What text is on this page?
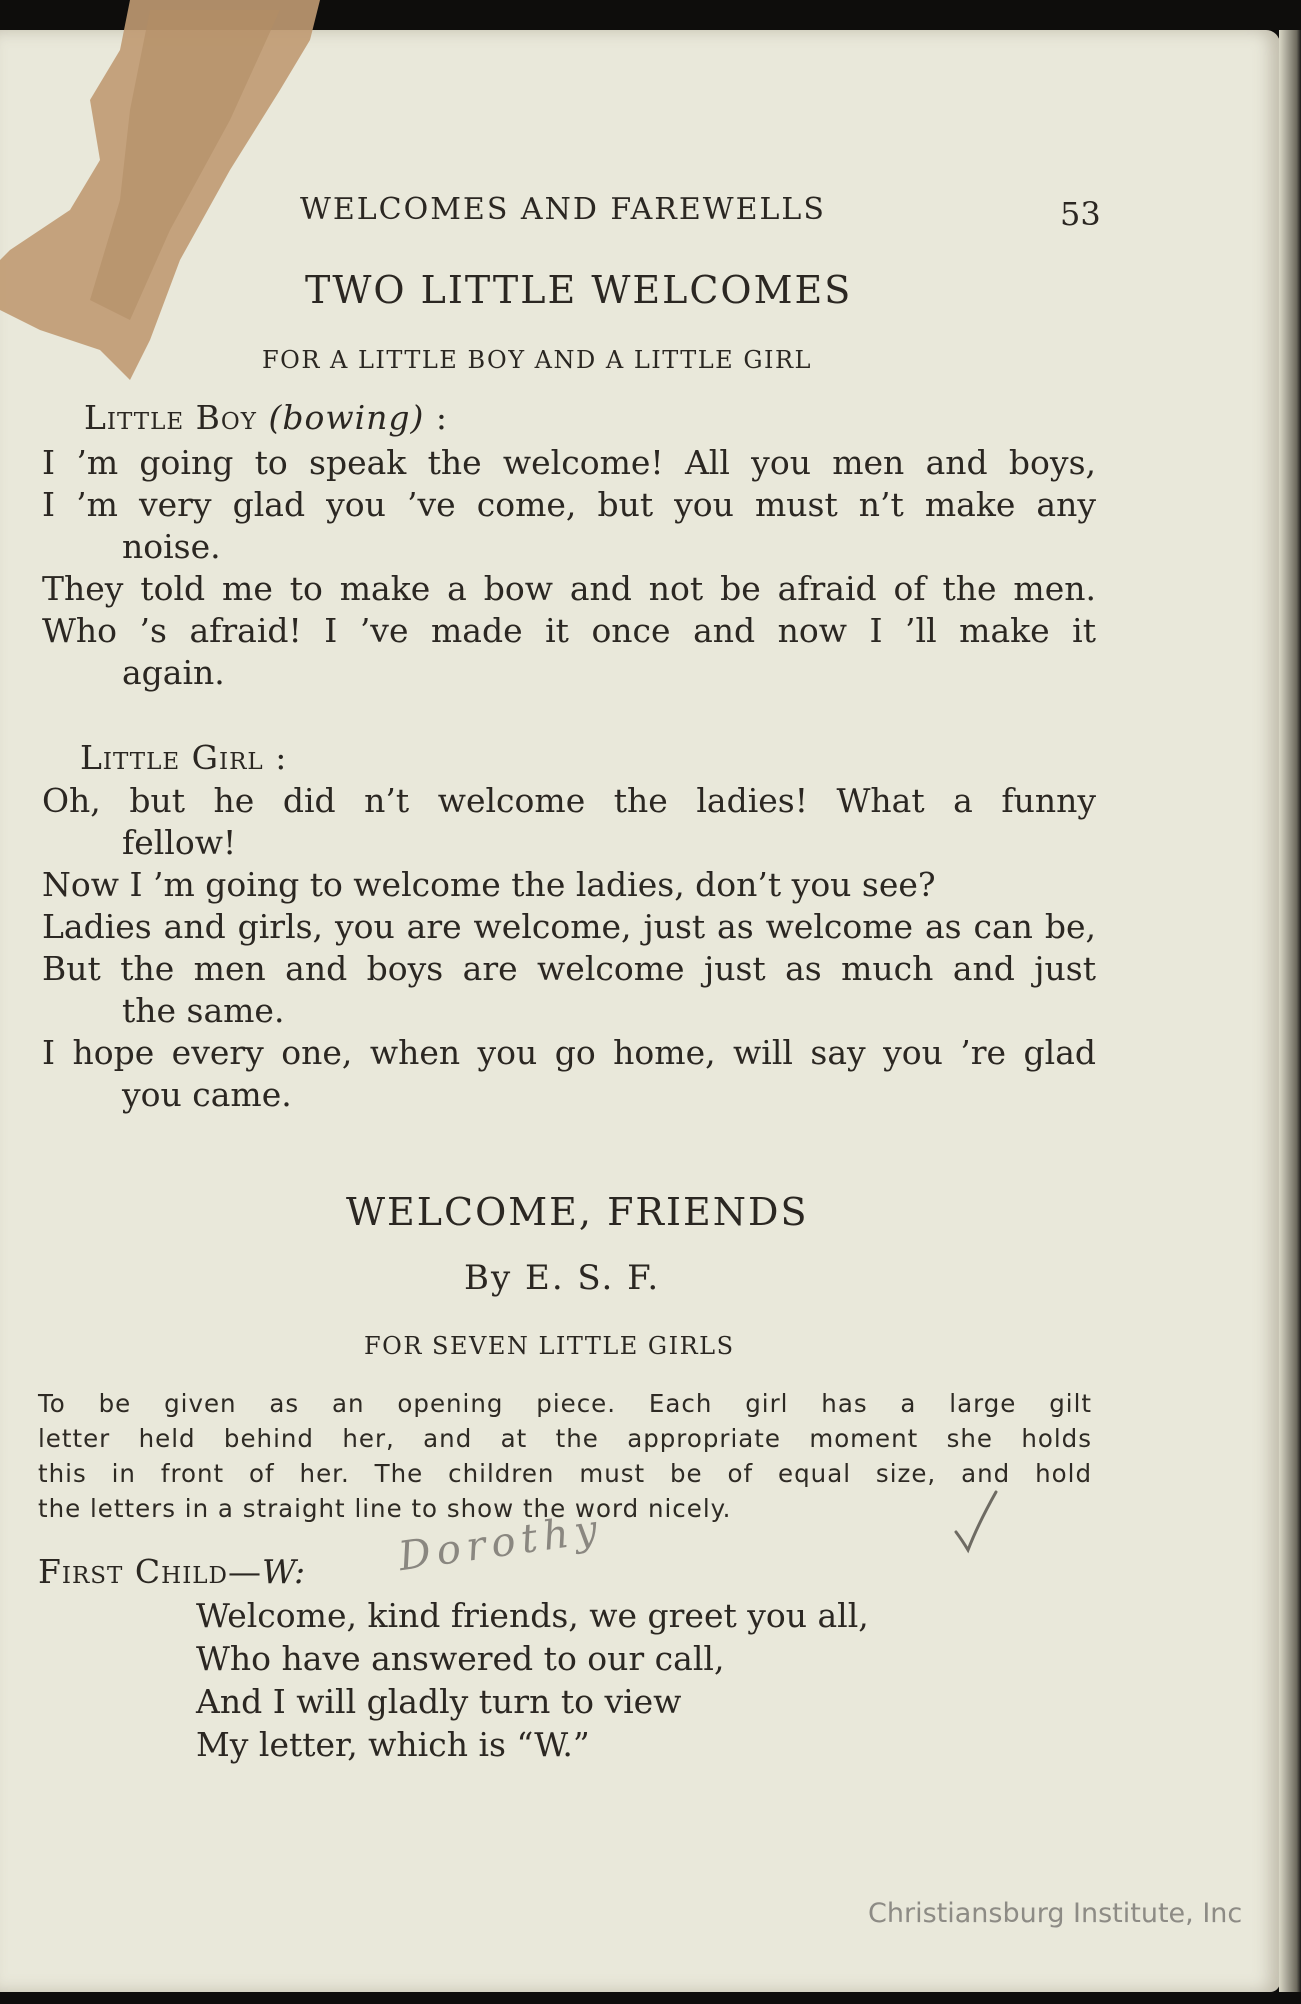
WELCOMES AND FAREWELLS	53
TWO LITTLE WELCOMES
FOR A LITTLE BOY AND A LITTLE GIRL
Little Boy (bowing) :
I ’m going to speak the welcome! All you men and boys,
I ’m very glad you ’ve come, but you must n’t make any
noise.
They told me to make a bow and not be afraid of the men.
Who ’s afraid! I ’ve made it once and now I ’ll make it
again.
Little Girl :
Oh, but he did n’t welcome the ladies! What a funny
fellow!
Now I ’m going to welcome the ladies, don’t you see?
Ladies and girls, you are welcome, just as welcome as can be,
But the men and boys are welcome just as much and just
the same.
I hope every one, when you go home, will say you ’re glad
you came.
WELCOME, FRIENDS
By E. S. F.
FOR SEVEN LITTLE GIRLS
To be given as an opening piece. Each girl has a large gilt
letter held behind her, and at the appropriate moment she holds
this in front of her. The children must be of equal size, and hold
the letters in a straight line to show the word nicely.
First Child—W: Dorothy
Welcome, kind friends, we greet you all,
Who have answered to our call,
And I will gladly turn to view
My letter, which is “W.”
Christiansburg Institute, Inc
